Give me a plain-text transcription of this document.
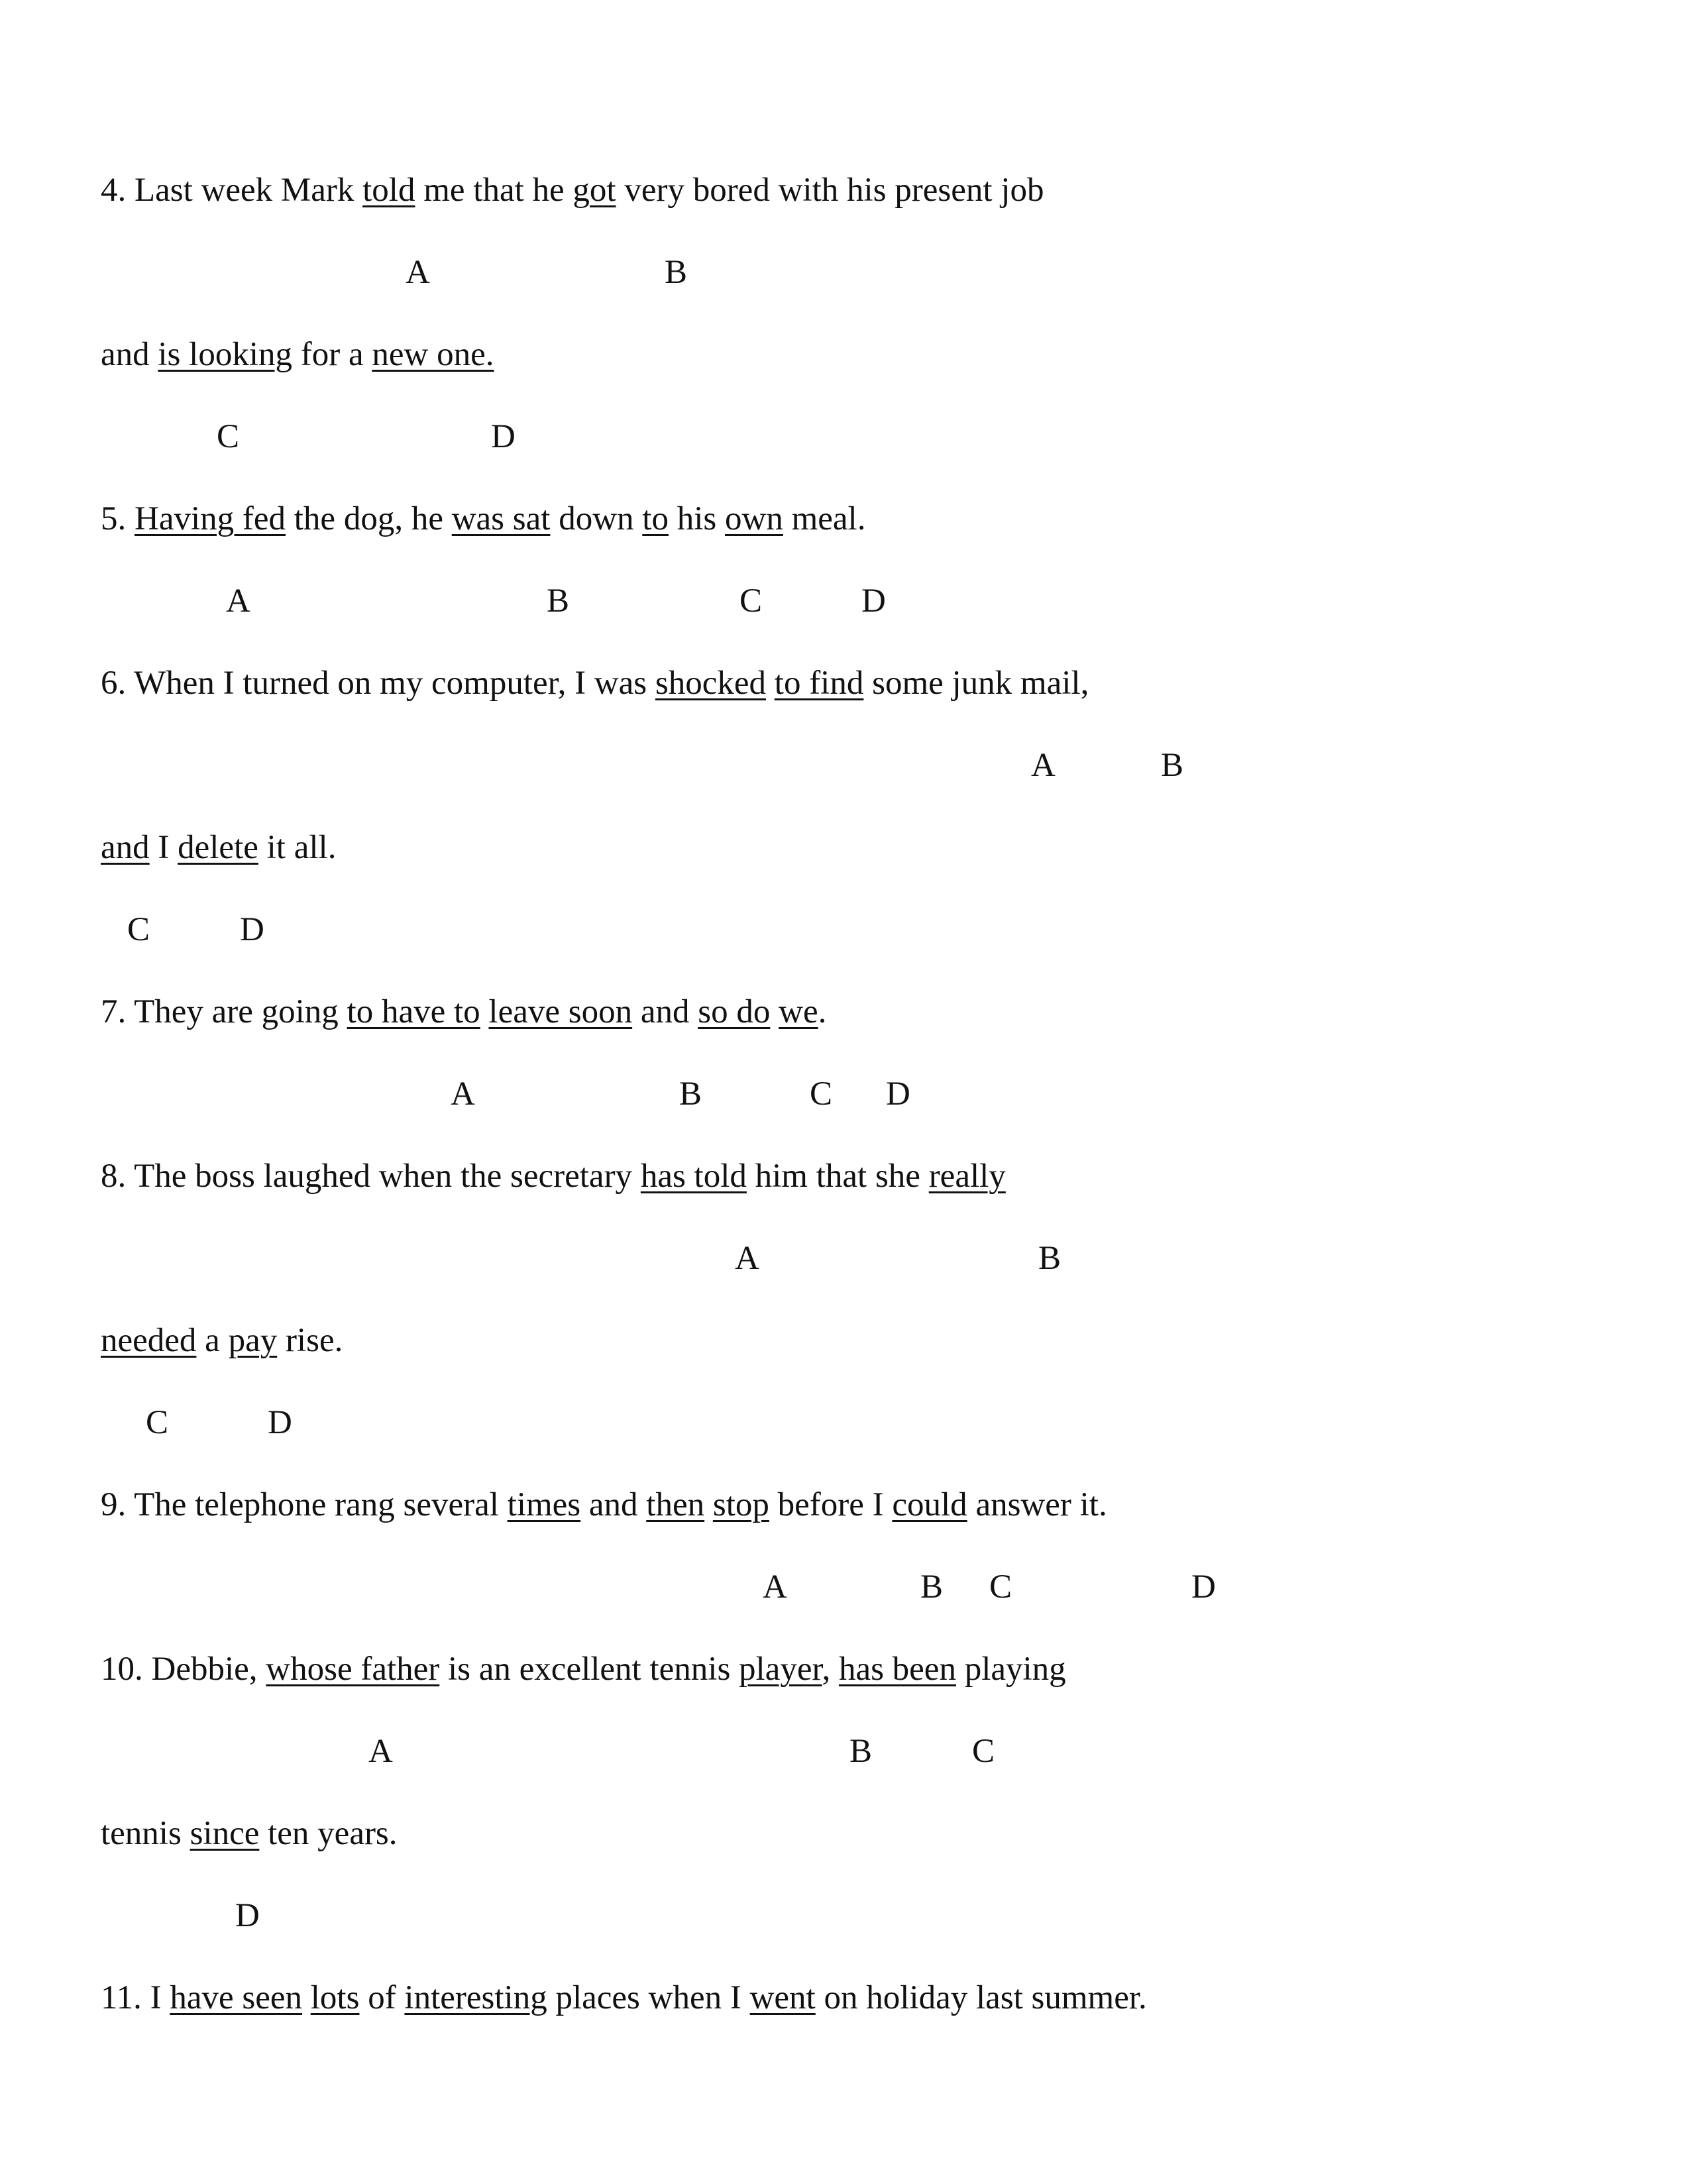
4. Last week Mark told me that he got very bored with his present job
A	B
and is looking for a new one.
C	D
5. Having fed the dog, he was sat down to his own meal.
A	B	C	D
6. When I turned on my computer, I was shocked to find some junk mail,
A	B
and I delete it all.
C	D
7. They are going to have to leave soon and so do we.
A	B	C D
8. The boss laughed when the secretary has told him that she really
A	B
needed a pay rise.
C	D
9. The telephone rang several times and then stop before I could answer it.
A	B C	D
10. Debbie, whose father is an excellent tennis player, has been playing
A	B	C
tennis since ten years.
D
11. I have seen lots of interesting places when I went on holiday last summer.
